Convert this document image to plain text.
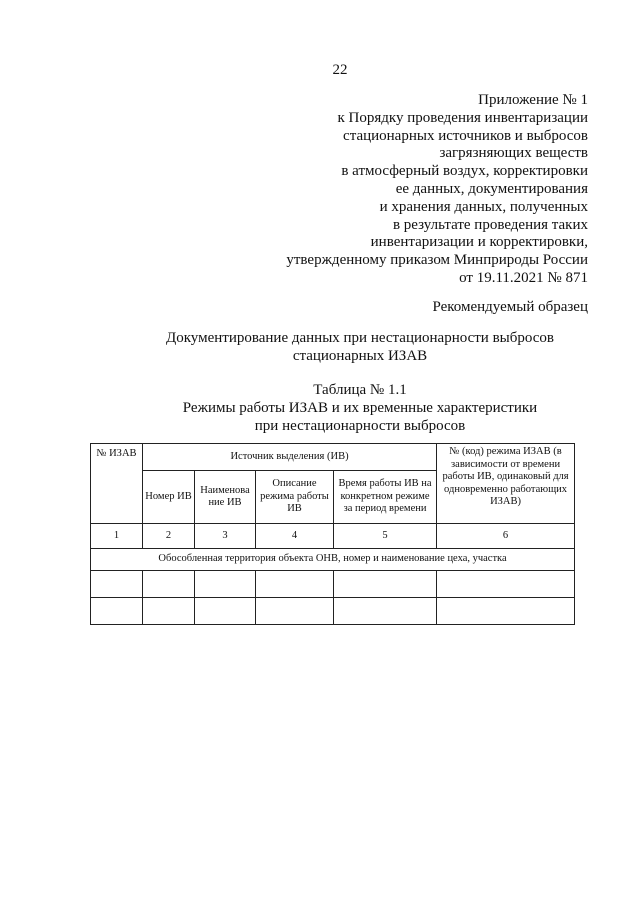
22
Приложение № 1
к Порядку проведения инвентаризации
стационарных источников и выбросов
загрязняющих веществ
в атмосферный воздух, корректировки
ее данных, документирования
и хранения данных, полученных
в результате проведения таких
инвентаризации и корректировки,
утвержденному приказом Минприроды России
от 19.11.2021 № 871
Рекомендуемый образец
Документирование данных при нестационарности выбросов
стационарных ИЗАВ
Таблица № 1.1
Режимы работы ИЗАВ и их временные характеристики
при нестационарности выбросов
№ ИЗАВ	Источник выделения (ИВ)				№ (код) режима ИЗАВ (в зависимости от времени работы ИВ, одинаковый для одновременно работающих ИЗАВ)
	Номер ИВ	Наименова ние ИВ	Описание режима работы ИВ	Время работы ИВ на конкретном режиме за период времени	
1	2	3	4	5	6
Обособленная территория объекта ОНВ, номер и наименование цеха, участка					
